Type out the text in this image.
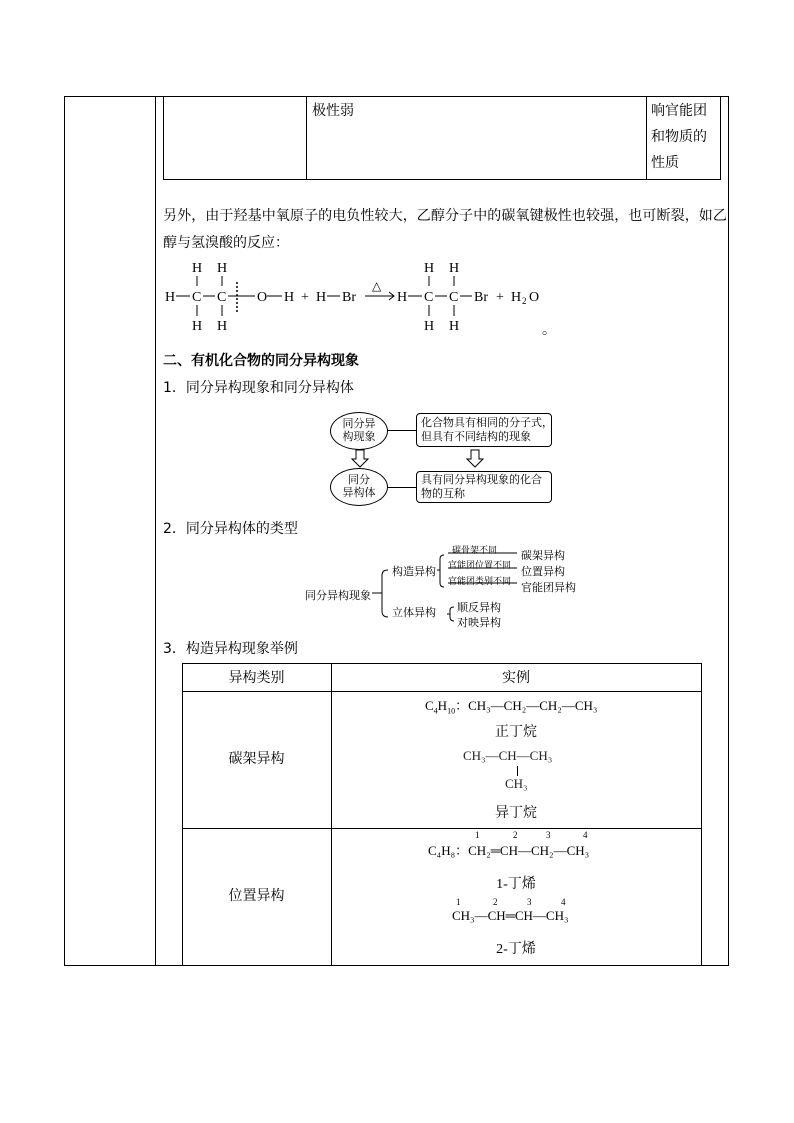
极性弱	响官能团
和物质的
性质
另外，由于羟基中氧原子的电负性较大，乙醇分子中的碳氧键极性也较强，也可断裂，如乙
醇与氢溴酸的反应：
H H
H C C O H + H Br
H H
H
H H
C C Br + H 2 O
H H	。
△
二、有机化合物的同分异构现象
1．同分异构现象和同分异构体
同分异
构现象
化合物具有相同的分子式，
但具有不同结构的现象
同分
异构体
具有同分异构现象的化合
物的互称
2．同分异构体的类型
同分异构现象
构造异构
立体异构
碳骨架不同
官能团位置不同
官能团类别不同
碳架异构
位置异构
官能团异构
顺反异构
对映异构
3．构造异构现象举例
异构类别	实例
碳架异构
$C_4H_{10}$：CH₃—CH₂—CH₂—CH₃
正丁烷
CH₃—CH—CH₃
CH₃
异丁烷
位置异构
1	2	3	4
C₄H₈：CH₂═CH—CH₂—CH₃
1-丁烯
1	2	3	4
CH₃—CH═CH—CH₃
2-丁烯
